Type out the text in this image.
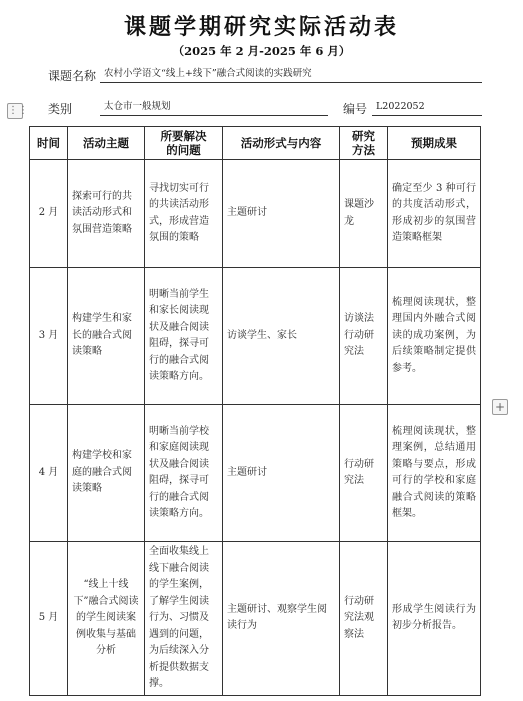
课题学期研究实际活动表
（2025 年 2 月-2025 年 6 月）
课题名称 农村小学语文“线上+线下”融合式阅读的实践研究
⋮⋮ 类别	太仓市一般规划	编号 L2022052
时间	活动主题	所要解决的问题	活动形式与内容	研究方法	预期成果
2 月	探索可行的共读活动形式和氛围营造策略	寻找切实可行的共读活动形式，形成营造氛围的策略	主题研讨	课题沙龙	确定至少 3 种可行的共度活动形式，形成初步的氛围营造策略框架
3 月	构建学生和家长的融合式阅读策略	明晰当前学生和家长阅读现状及融合阅读阻碍，探寻可行的融合式阅读策略方向。	访谈学生、家长	访谈法行动研究法	梳理阅读现状，整理国内外融合式阅读的成功案例，为后续策略制定提供参考。
4 月	构建学校和家庭的融合式阅读策略	明晰当前学校和家庭阅读现状及融合阅读阻碍，探寻可行的融合式阅读策略方向。	主题研讨	行动研究法	梳理阅读现状，整理案例，总结通用策略与要点，形成可行的学校和家庭融合式阅读的策略框架。
5 月	“线上十线下”融合式阅读的学生阅读案例收集与基础分析	全面收集线上线下融合阅读的学生案例，了解学生阅读行为、习惯及遇到的问题，为后续深入分析提供数据支撑。	主题研讨、观察学生阅读行为	行动研究法观察法	形成学生阅读行为初步分析报告。
+
